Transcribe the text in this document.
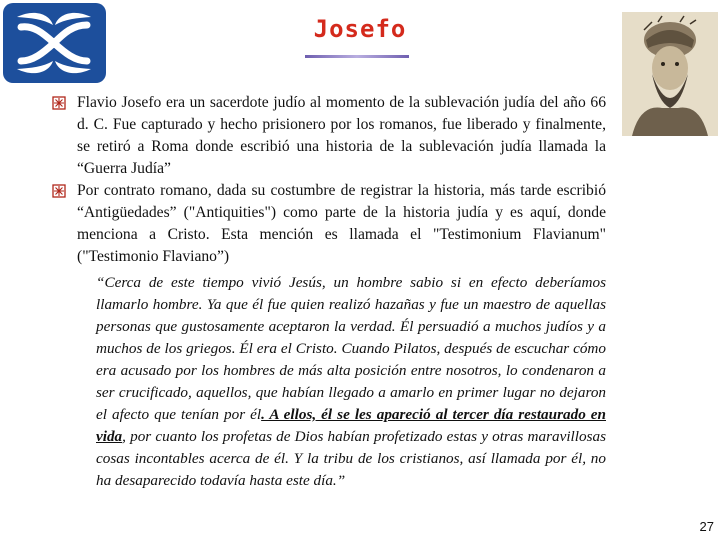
Josefo

Flavio Josefo era un sacerdote judío al momento de la sublevación judía del año 66 d. C. Fue capturado y hecho prisionero por los romanos, fue liberado y finalmente, se retiró a Roma donde escribió una historia de la sublevación judía llamada la “Guerra Judía”

Por contrato romano, dada su costumbre de registrar la historia, más tarde escribió “Antigüedades” ("Antiquities") como parte de la historia judía y es aquí, donde menciona a Cristo. Esta mención es llamada el "Testimonium Flavianum" ("Testimonio Flaviano”)

“Cerca de este tiempo vivió Jesús, un hombre sabio si en efecto deberíamos llamarlo hombre. Ya que él fue quien realizó hazañas y fue un maestro de aquellas personas que gustosamente aceptaron la verdad. Él persuadió a muchos judíos y a muchos de los griegos. Él era el Cristo. Cuando Pilatos, después de escuchar cómo era acusado por los hombres de más alta posición entre nosotros, lo condenaron a ser crucificado, aquellos, que habían llegado a amarlo en primer lugar no dejaron el afecto que tenían por él. A ellos, él se les apareció al tercer día restaurado en vida, por cuanto los profetas de Dios habían profetizado estas y otras maravillosas cosas incontables acerca de él. Y la tribu de los cristianos, así llamada por él, no ha desaparecido todavía hasta este día.”

27
